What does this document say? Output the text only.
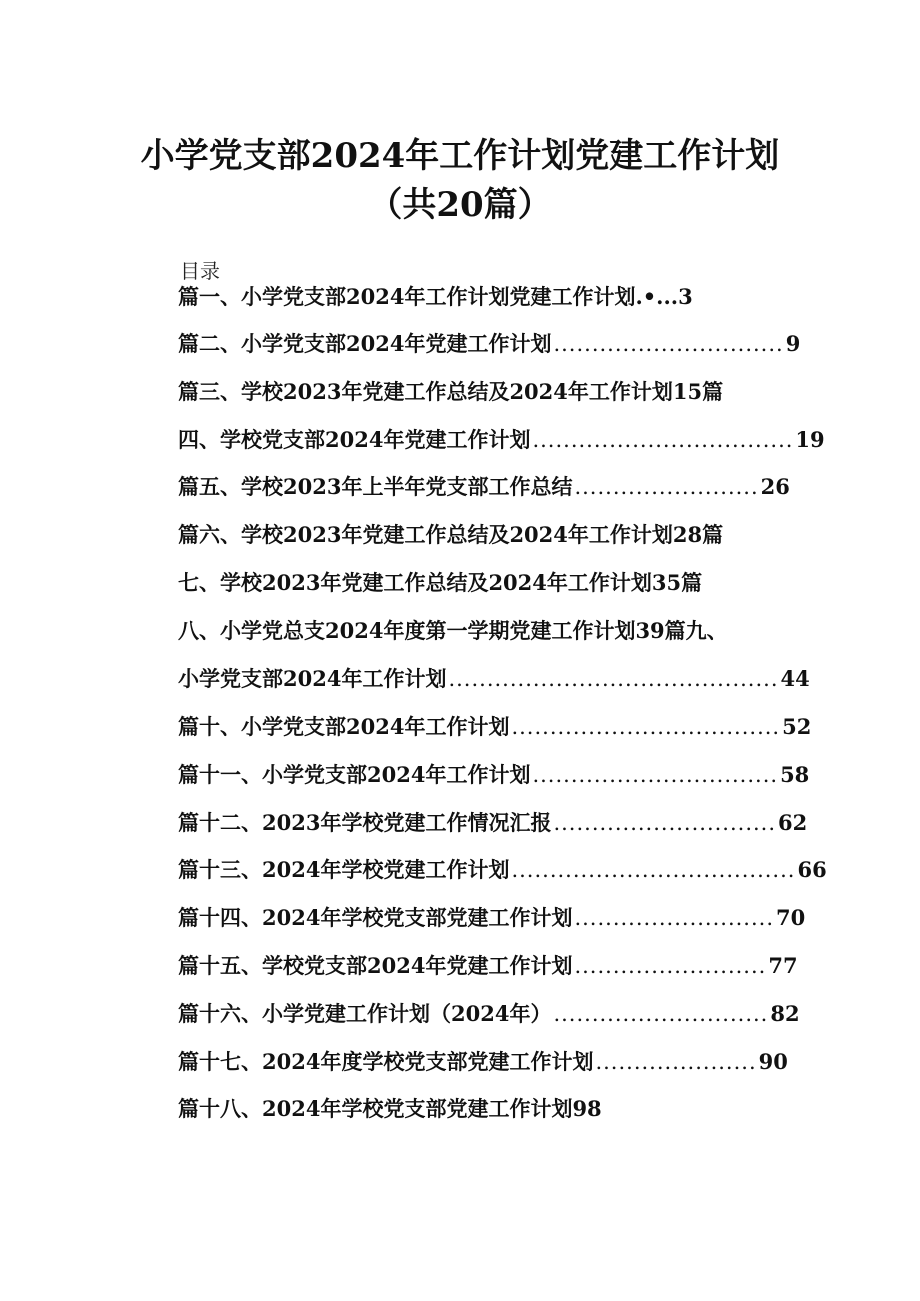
小学党支部2024年工作计划党建工作计划
（共20篇）
目录
篇一、小学党支部2024年工作计划党建工作计划.•...3
篇二、小学党支部2024年党建工作计划 .............................. 9
篇三、学校2023年党建工作总结及2024年工作计划15篇
四、学校党支部2024年党建工作计划 .................................. 19
篇五、学校2023年上半年党支部工作总结 ........................ 26
篇六、学校2023年党建工作总结及2024年工作计划28篇
七、学校2023年党建工作总结及2024年工作计划35篇
八、小学党总支2024年度第一学期党建工作计划39篇九、
小学党支部2024年工作计划 ........................................... 44
篇十、小学党支部2024年工作计划 ................................... 52
篇十一、小学党支部2024年工作计划 ................................ 58
篇十二、2023年学校党建工作情况汇报 ............................. 62
篇十三、2024年学校党建工作计划 ..................................... 66
篇十四、2024年学校党支部党建工作计划 .......................... 70
篇十五、学校党支部2024年党建工作计划 ......................... 77
篇十六、小学党建工作计划（2024年） ............................ 82
篇十七、2024年度学校党支部党建工作计划 ..................... 90
篇十八、2024年学校党支部党建工作计划98
